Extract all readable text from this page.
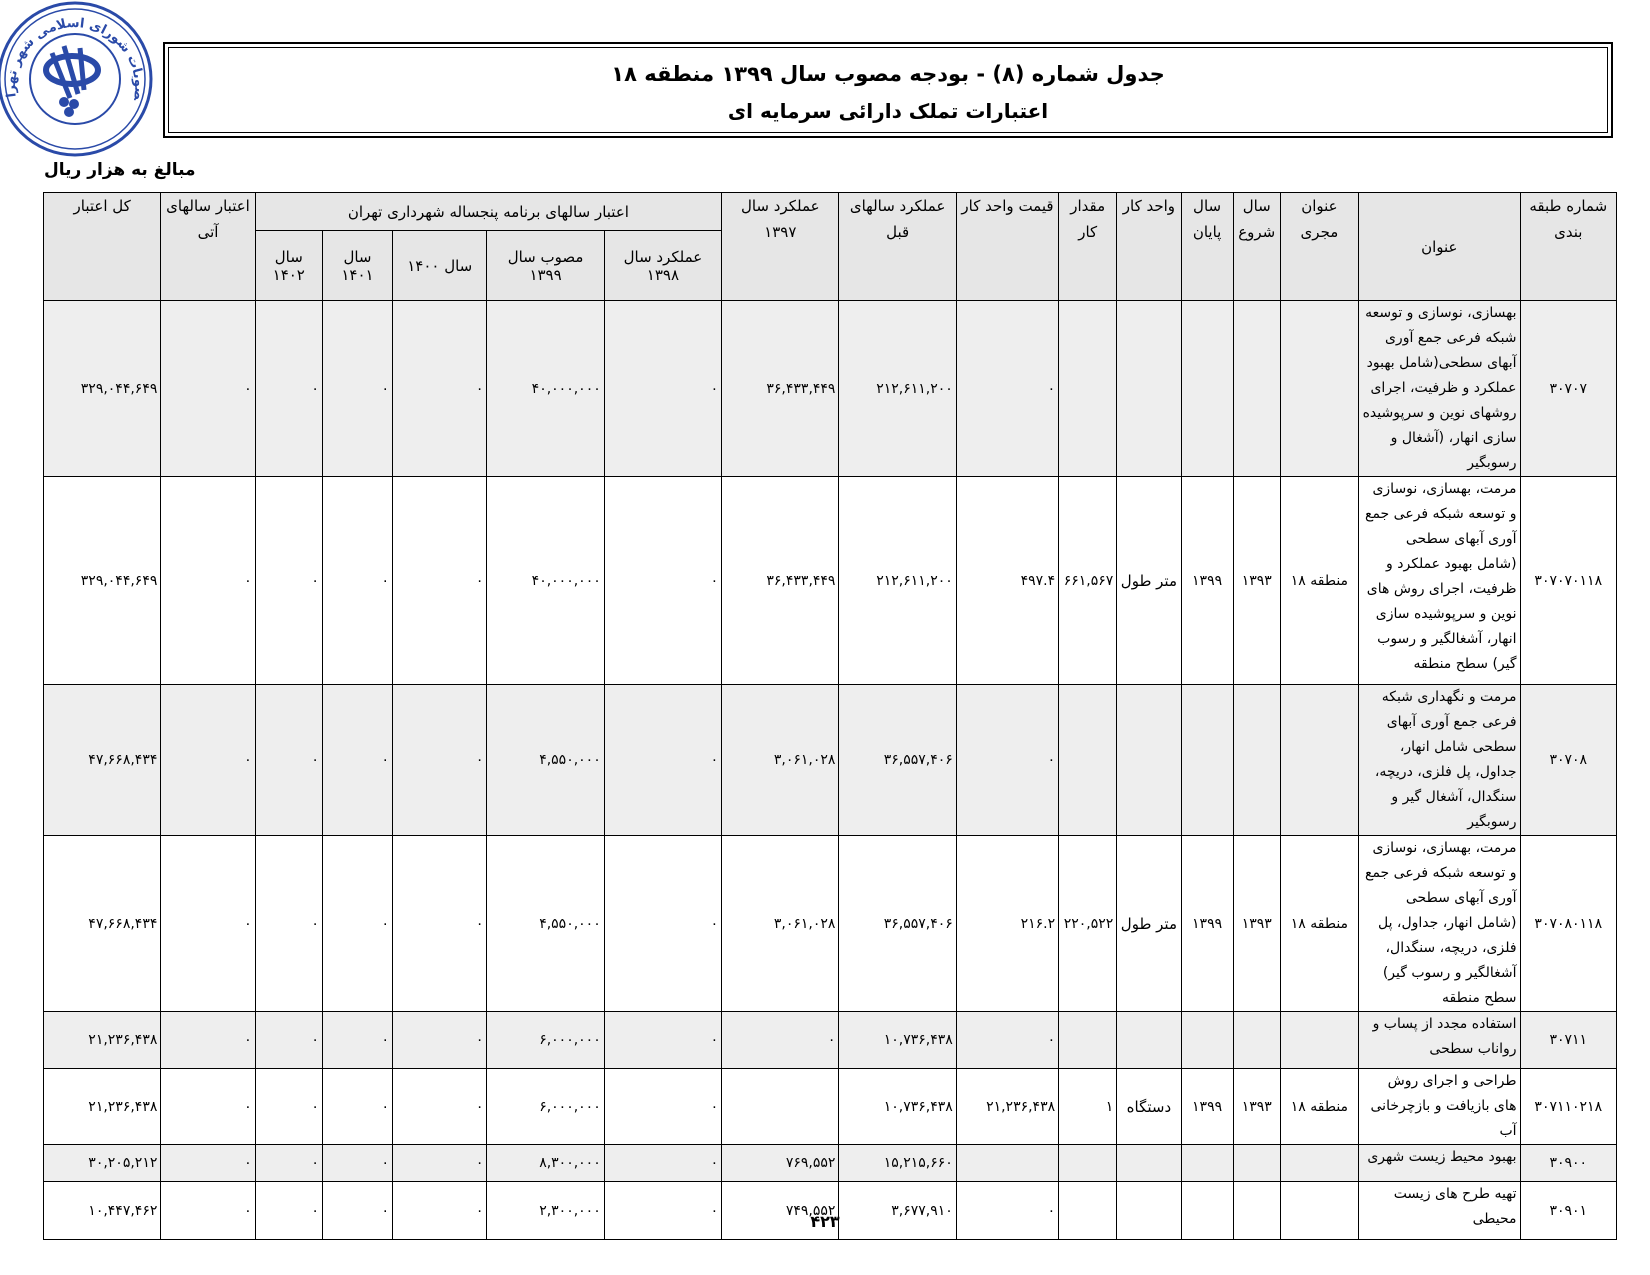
صوبات شورای اسلامی شهر تهرا
جدول شماره (۸) - بودجه مصوب سال ۱۳۹۹ منطقه ۱۸
اعتبارات تملک دارائی سرمایه ای
مبالغ به هزار ریال
کل اعتبار	اعتبار سالهای آتی	اعتبار سالهای برنامه پنجساله شهرداری تهران					عملکرد سال ۱۳۹۷	عملکرد سالهای قبل	قیمت واحد کار	مقدار کار	واحد کار	سال پایان	سال شروع	عنوان مجری	عنوان	شماره طبقه بندی
		سال ۱۴۰۲	سال ۱۴۰۱	سال ۱۴۰۰	مصوب سال ۱۳۹۹	عملکرد سال ۱۳۹۸										
۳۲۹,۰۴۴,۶۴۹	۰	۰	۰	۰	۴۰,۰۰۰,۰۰۰	۰	۳۶,۴۳۳,۴۴۹	۲۱۲,۶۱۱,۲۰۰	۰						بهسازی، نوسازی و توسعه شبکه فرعی جمع آوری آبهای سطحی(شامل بهبود عملکرد و ظرفیت، اجرای روشهای نوین و سرپوشیده سازی انهار، (آشغال و رسوبگیر	۳۰۷۰۷
۳۲۹,۰۴۴,۶۴۹	۰	۰	۰	۰	۴۰,۰۰۰,۰۰۰	۰	۳۶,۴۳۳,۴۴۹	۲۱۲,۶۱۱,۲۰۰	۴۹۷.۴	۶۶۱,۵۶۷	متر طول	۱۳۹۹	۱۳۹۳	منطقه ۱۸	مرمت، بهسازی، نوسازی و توسعه شبکه فرعی جمع آوری آبهای سطحی (شامل بهبود عملکرد و ظرفیت، اجرای روش های نوین و سرپوشیده سازی انهار، آشغالگیر و رسوب گیر) سطح منطقه	۳۰۷۰۷۰۱۱۸
۴۷,۶۶۸,۴۳۴	۰	۰	۰	۰	۴,۵۵۰,۰۰۰	۰	۳,۰۶۱,۰۲۸	۳۶,۵۵۷,۴۰۶	۰						مرمت و نگهداری شبکه فرعی جمع آوری آبهای سطحی شامل انهار، جداول، پل فلزی، دریچه، سنگدال، آشغال گیر و رسوبگیر	۳۰۷۰۸
۴۷,۶۶۸,۴۳۴	۰	۰	۰	۰	۴,۵۵۰,۰۰۰	۰	۳,۰۶۱,۰۲۸	۳۶,۵۵۷,۴۰۶	۲۱۶.۲	۲۲۰,۵۲۲	متر طول	۱۳۹۹	۱۳۹۳	منطقه ۱۸	مرمت، بهسازی، نوسازی و توسعه شبکه فرعی جمع آوری آبهای سطحی (شامل انهار، جداول، پل فلزی، دریچه، سنگدال، آشغالگیر و رسوب گیر) سطح منطقه	۳۰۷۰۸۰۱۱۸
۲۱,۲۳۶,۴۳۸	۰	۰	۰	۰	۶,۰۰۰,۰۰۰	۰	۰	۱۰,۷۳۶,۴۳۸	۰						استفاده مجدد از پساب و رواناب سطحی	۳۰۷۱۱
۲۱,۲۳۶,۴۳۸	۰	۰	۰	۰	۶,۰۰۰,۰۰۰	۰		۱۰,۷۳۶,۴۳۸	۲۱,۲۳۶,۴۳۸	۱	دستگاه	۱۳۹۹	۱۳۹۳	منطقه ۱۸	طراحی و اجرای روش های بازیافت و بازچرخانی آب	۳۰۷۱۱۰۲۱۸
۳۰,۲۰۵,۲۱۲	۰	۰	۰	۰	۸,۳۰۰,۰۰۰	۰	۷۶۹,۵۵۲	۱۵,۲۱۵,۶۶۰							بهبود محیط زیست شهری	۳۰۹۰۰
۱۰,۴۴۷,۴۶۲	۰	۰	۰	۰	۲,۳۰۰,۰۰۰	۰	۷۴۹,۵۵۲	۳,۶۷۷,۹۱۰	۰						تهیه طرح های زیست محیطی	۳۰۹۰۱
۴۲۳
